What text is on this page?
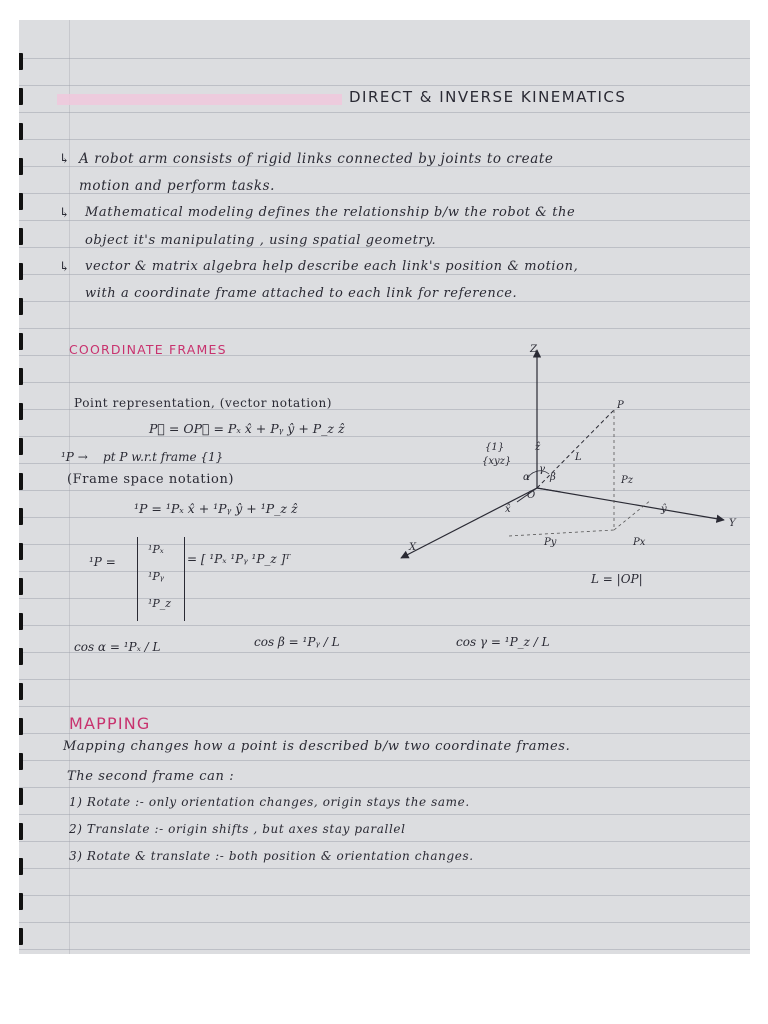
DIRECT & INVERSE KINEMATICS
↳ A robot arm consists of rigid links connected by joints to create
motion and perform tasks.
↳ Mathematical modeling defines the relationship b/w the robot & the
object it's manipulating , using spatial geometry.
↳ vector & matrix algebra help describe each link's position & motion,
with a coordinate frame attached to each link for reference.
COORDINATE FRAMES
Point representation, (vector notation)
P⃗ = OP⃗ = Pₓ x̂ + Pᵧ ŷ + P_z ẑ
¹P →    pt P w.r.t frame {1}
(Frame space notation)
¹P = ¹Pₓ x̂ + ¹Pᵧ ŷ + ¹P_z ẑ
¹P =
¹Pₓ
¹Pᵧ
¹P_z
= [ ¹Pₓ ¹Pᵧ ¹P_z ]ᵀ
cos α = ¹Pₓ / L	cos β = ¹Pᵧ / L	cos γ = ¹P_z / L
L = |OP|
Z
Y
X
P
O
{1}
{xyz}
ẑ
ŷ
x̂
Pz
Py	Px
L
α β
γ
MAPPING
Mapping changes how a point is described b/w two coordinate frames.
The second frame can :
1) Rotate :- only orientation changes, origin stays the same.
2) Translate :- origin shifts , but axes stay parallel
3) Rotate & translate :- both position & orientation changes.
